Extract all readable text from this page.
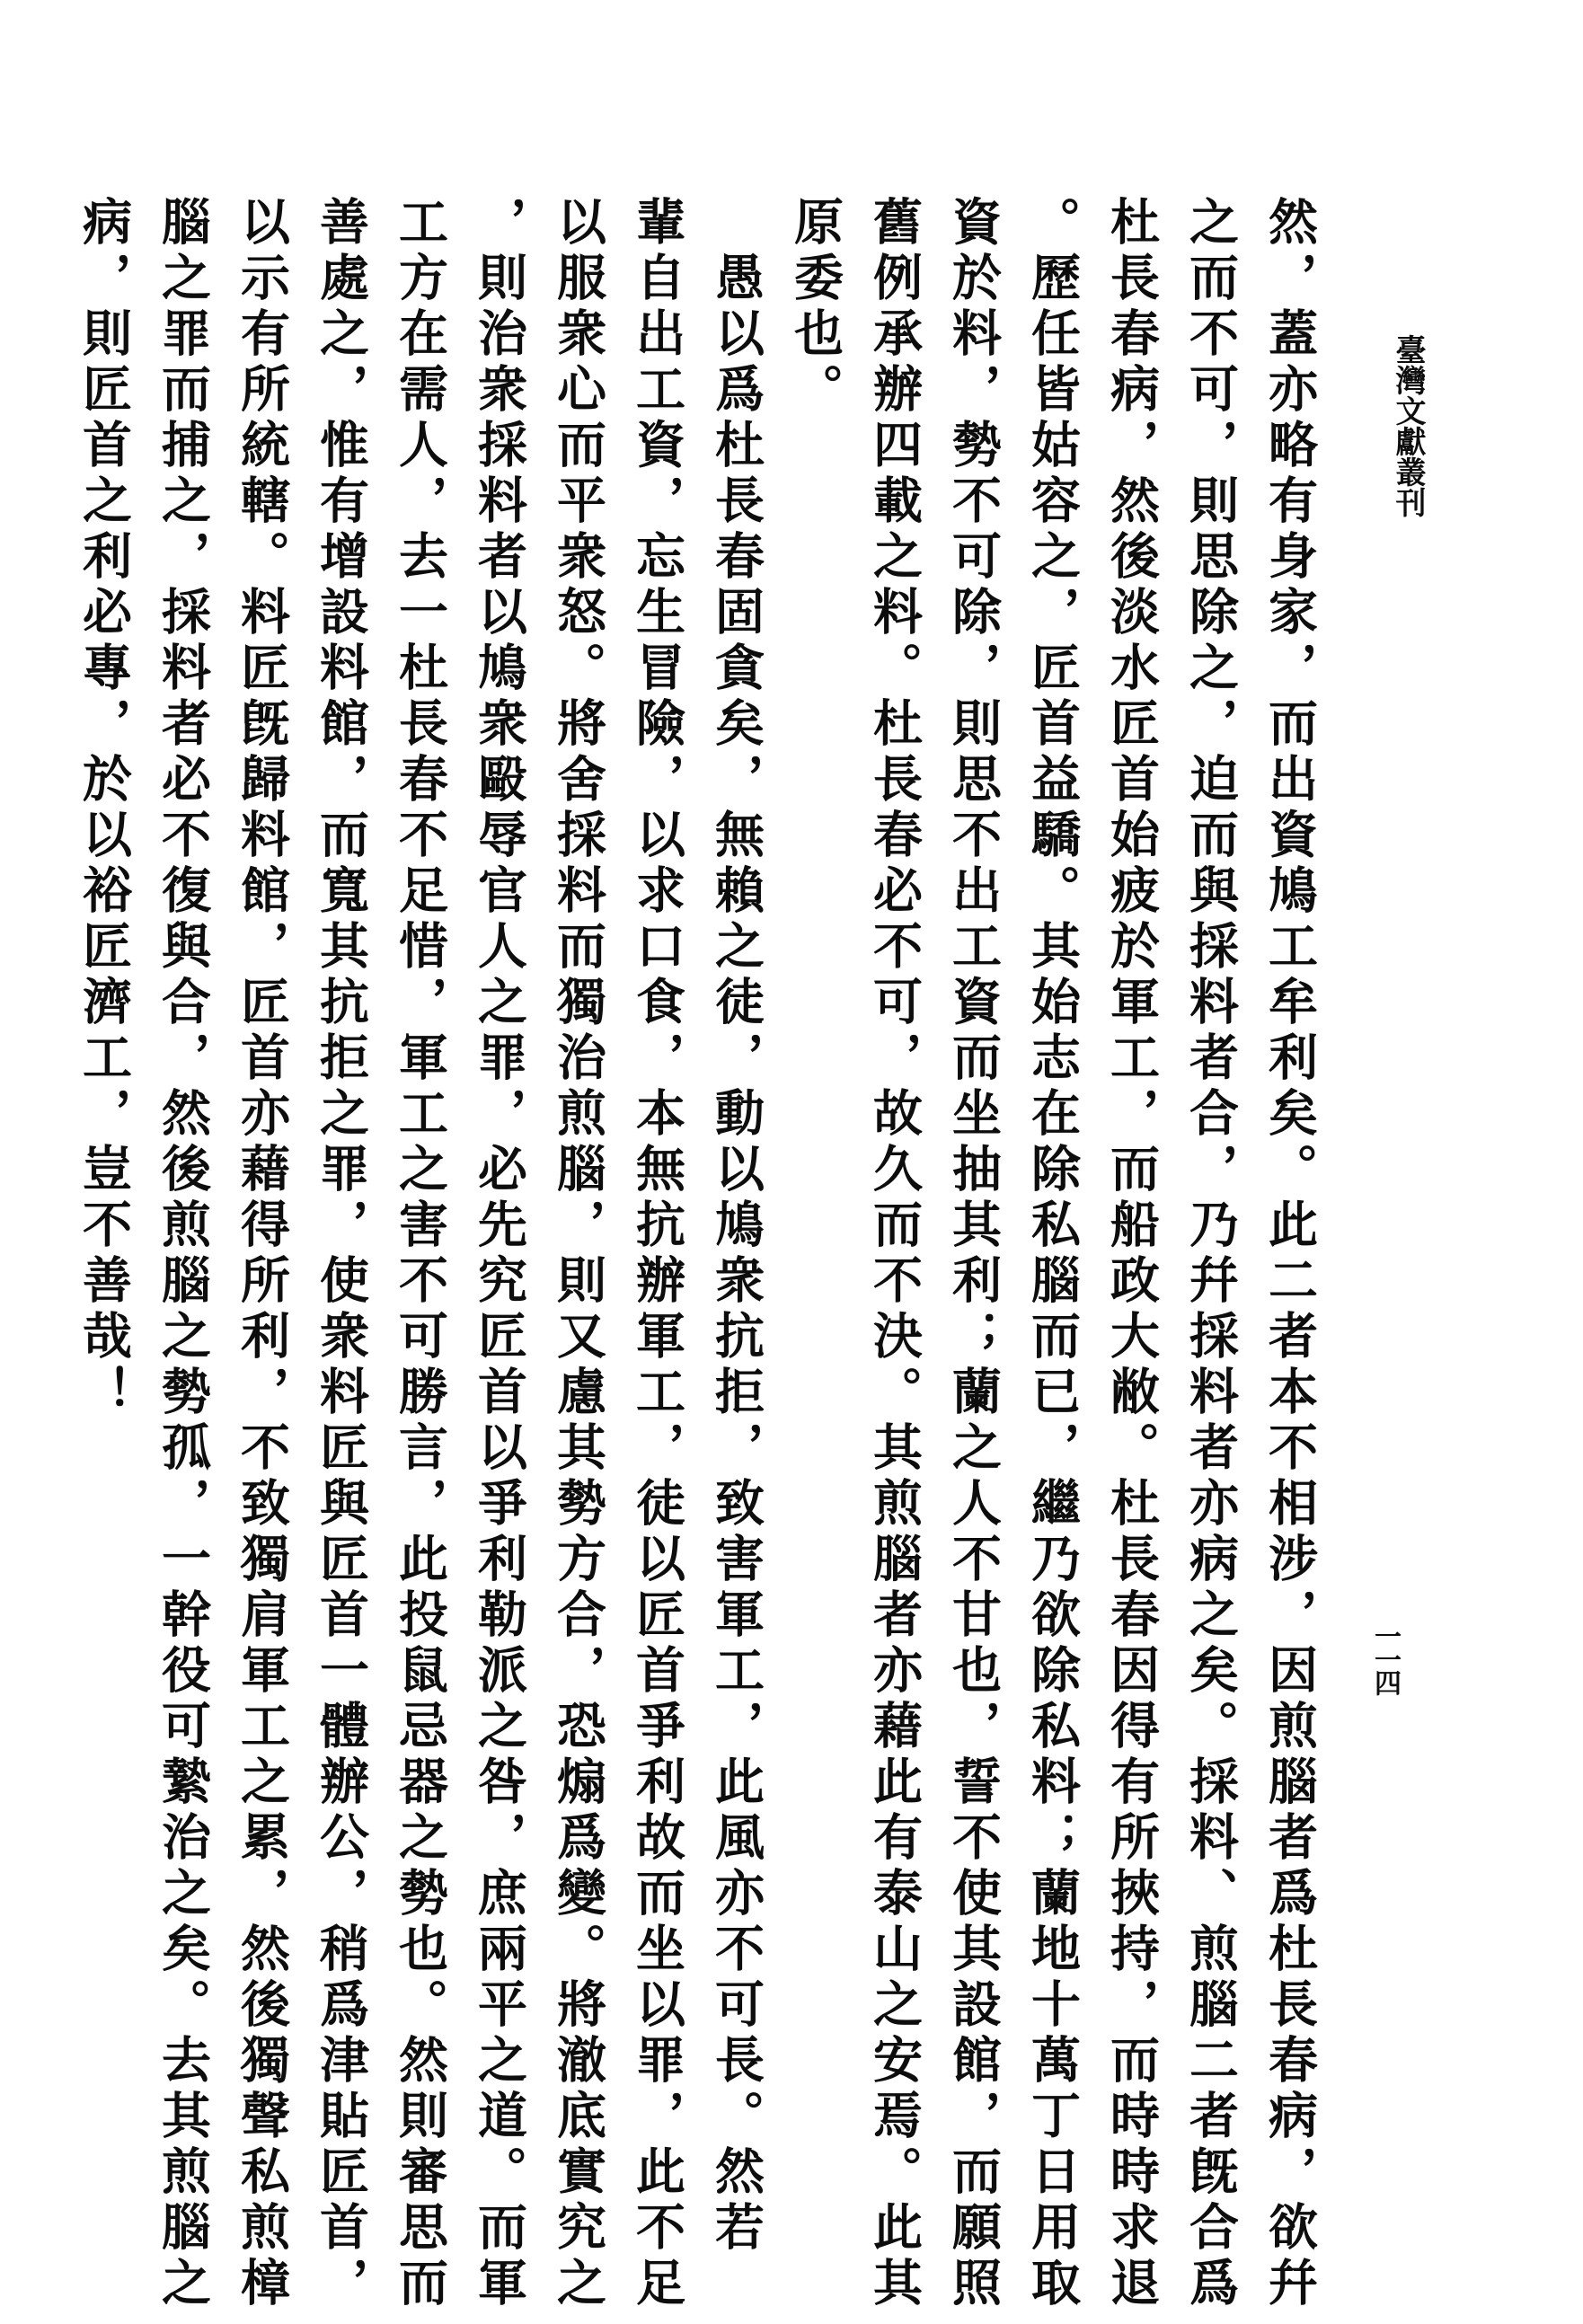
臺灣文獻叢刊
一一四
然，蓋亦略有身家，而出資鳩工牟利矣。此二者本不相涉，因煎腦者爲杜長春病，欲幷
之而不可，則思除之，迫而與採料者合，乃幷採料者亦病之矣。採料、煎腦二者旣合爲
杜長春病，然後淡水匠首始疲於軍工，而船政大敝。杜長春因得有所挾持，而時時求退
。歷任皆姑容之，匠首益驕。其始志在除私腦而已，繼乃欲除私料；蘭地十萬丁日用取
資於料，勢不可除，則思不出工資而坐抽其利；蘭之人不甘也，誓不使其設館，而願照
舊例承辦四載之料。杜長春必不可，故久而不決。其煎腦者亦藉此有泰山之安焉。此其
原委也。
愚以爲杜長春固貪矣，無賴之徒，動以鳩衆抗拒，致害軍工，此風亦不可長。然若
輩自出工資，忘生冒險，以求口食，本無抗辦軍工，徒以匠首爭利故而坐以罪，此不足
以服衆心而平衆怒。將舍採料而獨治煎腦，則又慮其勢方合，恐煽爲變。將澈底實究之
，則治衆採料者以鳩衆毆辱官人之罪，必先究匠首以爭利勒派之咎，庶兩平之道。而軍
工方在需人，去一杜長春不足惜，軍工之害不可勝言，此投鼠忌器之勢也。然則審思而
善處之，惟有增設料館，而寬其抗拒之罪，使衆料匠與匠首一體辦公，稍爲津貼匠首，
以示有所統轄。料匠旣歸料館，匠首亦藉得所利，不致獨肩軍工之累，然後獨聲私煎樟
腦之罪而捕之，採料者必不復與合，然後煎腦之勢孤，一幹役可縶治之矣。去其煎腦之
病，則匠首之利必專，於以裕匠濟工，豈不善哉！
